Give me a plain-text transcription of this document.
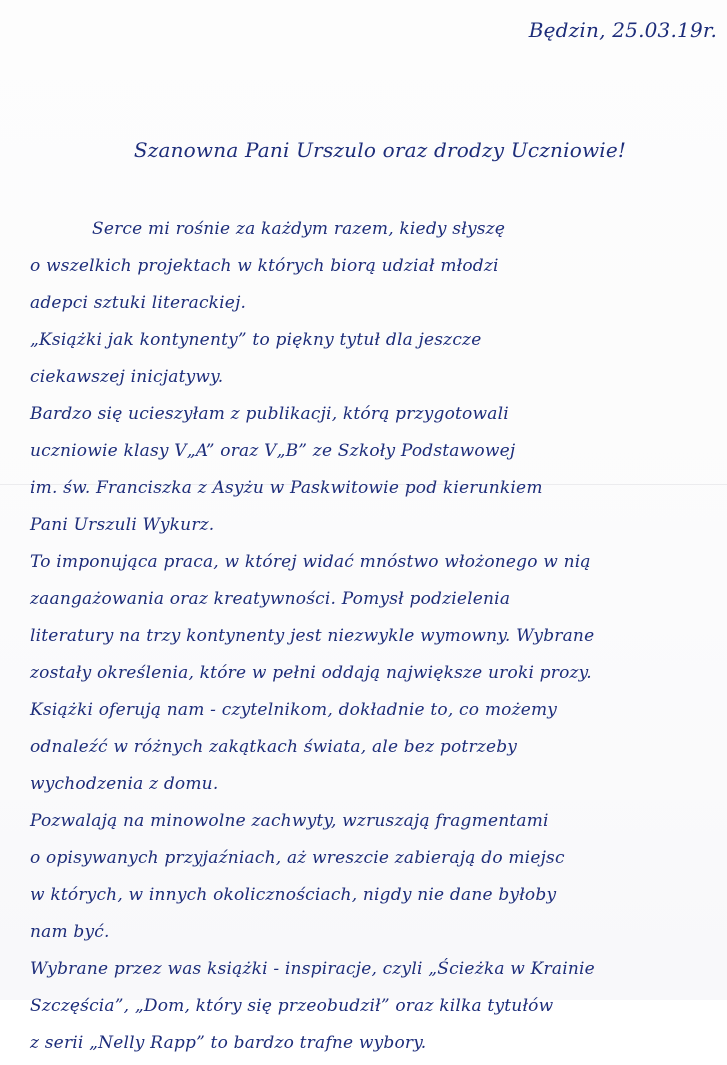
Będzin, 25.03.19r.
Szanowna Pani Urszulo oraz drodzy Uczniowie!
Serce mi rośnie za każdym razem, kiedy słyszę
o wszelkich projektach w których biorą udział młodzi
adepci sztuki literackiej.
„Książki jak kontynenty” to piękny tytuł dla jeszcze
ciekawszej inicjatywy.
Bardzo się ucieszyłam z publikacji, którą przygotowali
uczniowie klasy V„A” oraz V„B” ze Szkoły Podstawowej
im. św. Franciszka z Asyżu w Paskwitowie pod kierunkiem
Pani Urszuli Wykurz.
To imponująca praca, w której widać mnóstwo włożonego w nią
zaangażowania oraz kreatywności. Pomysł podzielenia
literatury na trzy kontynenty jest niezwykle wymowny. Wybrane
zostały określenia, które w pełni oddają największe uroki prozy.
Książki oferują nam - czytelnikom, dokładnie to, co możemy
odnaleźć w różnych zakątkach świata, ale bez potrzeby
wychodzenia z domu.
Pozwalają na minowolne zachwyty, wzruszają fragmentami
o opisywanych przyjaźniach, aż wreszcie zabierają do miejsc
w których, w innych okolicznościach, nigdy nie dane byłoby
nam być.
Wybrane przez was książki - inspiracje, czyli „Ścieżka w Krainie
Szczęścia”, „Dom, który się przeobudził” oraz kilka tytułów
z serii „Nelly Rapp” to bardzo trafne wybory.
